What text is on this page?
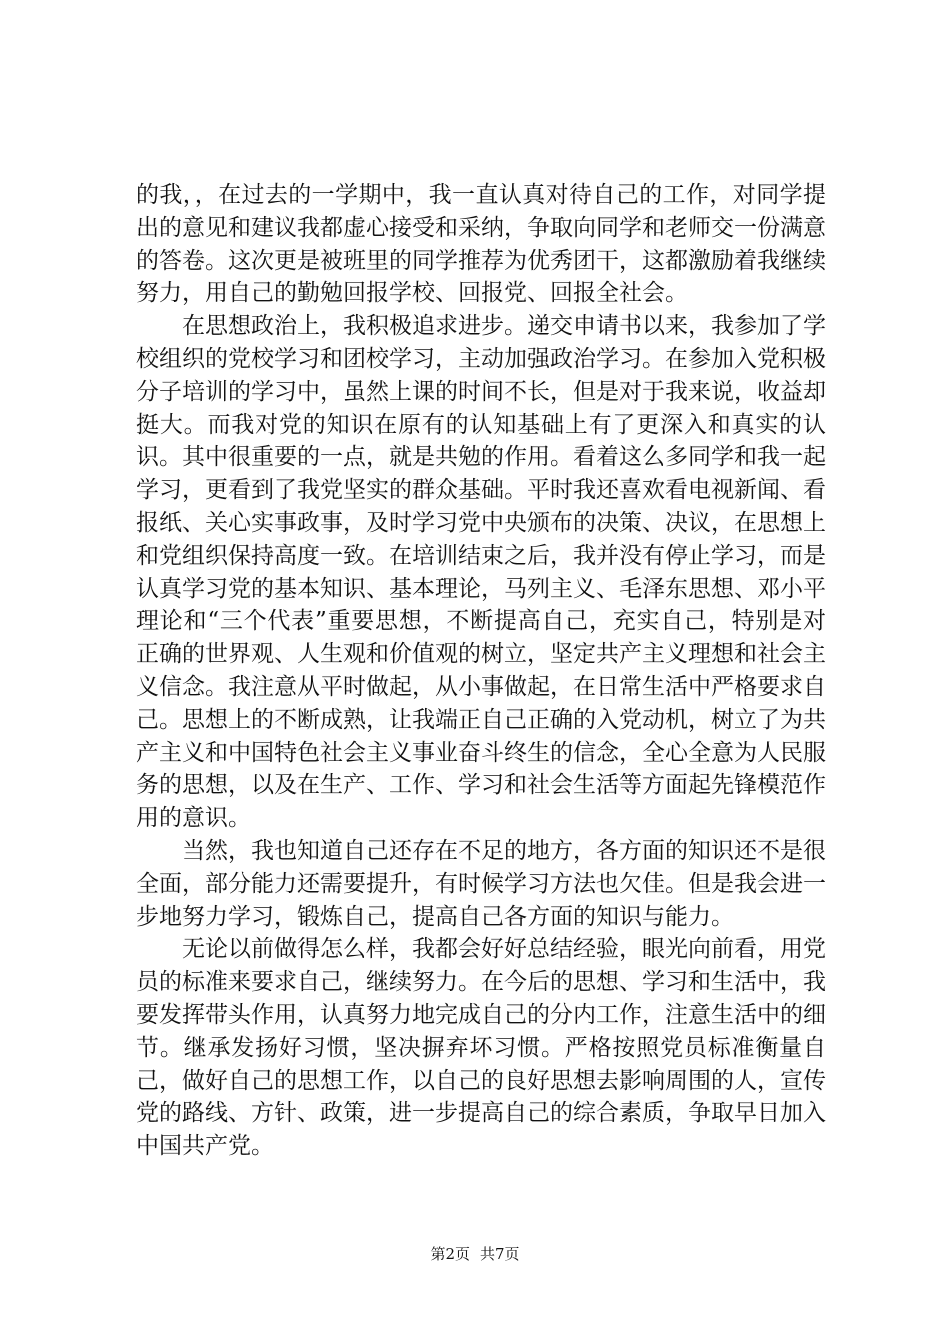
的我，，在过去的一学期中，我一直认真对待自己的工作，对同学提出的意见和建议我都虚心接受和采纳，争取向同学和老师交一份满意的答卷。这次更是被班里的同学推荐为优秀团干，这都激励着我继续努力，用自己的勤勉回报学校、回报党、回报全社会。

在思想政治上，我积极追求进步。递交申请书以来，我参加了学校组织的党校学习和团校学习，主动加强政治学习。在参加入党积极分子培训的学习中，虽然上课的时间不长，但是对于我来说，收益却挺大。而我对党的知识在原有的认知基础上有了更深入和真实的认识。其中很重要的一点，就是共勉的作用。看着这么多同学和我一起学习，更看到了我党坚实的群众基础。平时我还喜欢看电视新闻、看报纸、关心实事政事，及时学习党中央颁布的决策、决议，在思想上和党组织保持高度一致。在培训结束之后，我并没有停止学习，而是认真学习党的基本知识、基本理论，马列主义、毛泽东思想、邓小平理论和“三个代表”重要思想，不断提高自己，充实自己，特别是对正确的世界观、人生观和价值观的树立，坚定共产主义理想和社会主义信念。我注意从平时做起，从小事做起，在日常生活中严格要求自己。思想上的不断成熟，让我端正自己正确的入党动机，树立了为共产主义和中国特色社会主义事业奋斗终生的信念，全心全意为人民服务的思想，以及在生产、工作、学习和社会生活等方面起先锋模范作用的意识。

当然，我也知道自己还存在不足的地方，各方面的知识还不是很全面，部分能力还需要提升，有时候学习方法也欠佳。但是我会进一步地努力学习，锻炼自己，提高自己各方面的知识与能力。

无论以前做得怎么样，我都会好好总结经验，眼光向前看，用党员的标准来要求自己，继续努力。在今后的思想、学习和生活中，我要发挥带头作用，认真努力地完成自己的分内工作，注意生活中的细节。继承发扬好习惯，坚决摒弃坏习惯。严格按照党员标准衡量自己，做好自己的思想工作，以自己的良好思想去影响周围的人，宣传党的路线、方针、政策，进一步提高自己的综合素质，争取早日加入中国共产党。

第2页 共7页
